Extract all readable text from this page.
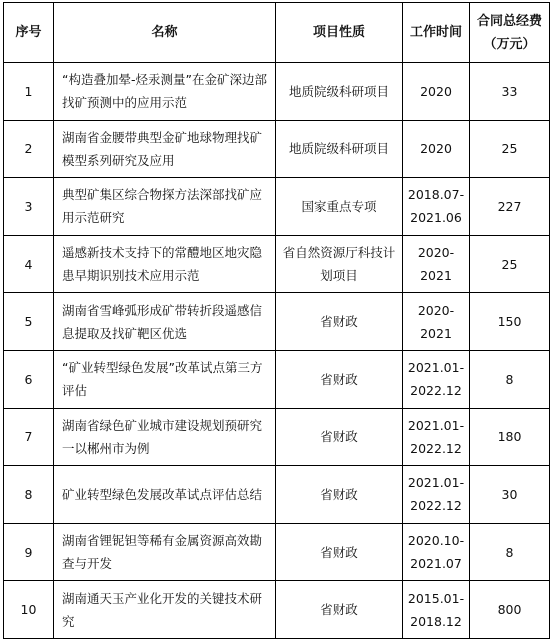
序号	名称	项目性质	工作时间	合同总经费（万元）
1	“构造叠加晕-烃汞测量”在金矿深边部找矿预测中的应用示范	地质院级科研项目	2020	33
2	湖南省金腰带典型金矿地球物理找矿模型系列研究及应用	地质院级科研项目	2020	25
3	典型矿集区综合物探方法深部找矿应用示范研究	国家重点专项	2018.07-2021.06	227
4	遥感新技术支持下的常醴地区地灾隐患早期识别技术应用示范	省自然资源厅科技计划项目	2020-2021	25
5	湖南省雪峰弧形成矿带转折段遥感信息提取及找矿靶区优选	省财政	2020-2021	150
6	“矿业转型绿色发展”改革试点第三方评估	省财政	2021.01-2022.12	8
7	湖南省绿色矿业城市建设规划预研究一以郴州市为例	省财政	2021.01-2022.12	180
8	矿业转型绿色发展改革试点评估总结	省财政	2021.01-2022.12	30
9	湖南省锂铌钽等稀有金属资源高效勘查与开发	省财政	2020.10-2021.07	8
10	湖南通天玉产业化开发的关键技术研究	省财政	2015.01-2018.12	800
